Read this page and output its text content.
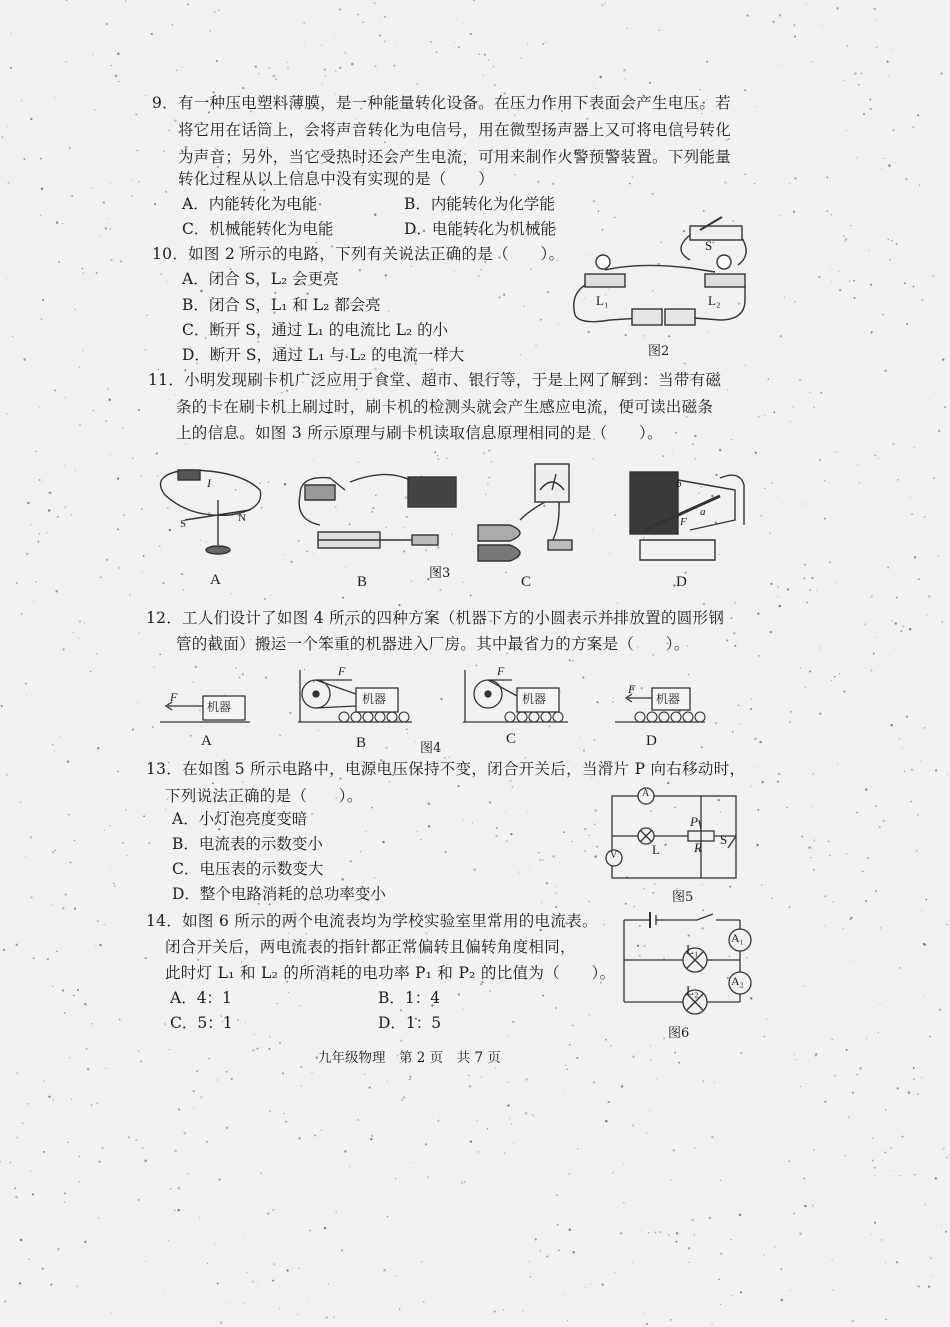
9．有一种压电塑料薄膜，是一种能量转化设备。在压力作用下表面会产生电压。若
将它用在话筒上，会将声音转化为电信号，用在微型扬声器上又可将电信号转化
为声音；另外，当它受热时还会产生电流，可用来制作火警预警装置。下列能量
转化过程从以上信息中没有实现的是（　　）
A．内能转化为电能	B．内能转化为化学能
C．机械能转化为电能	D．电能转化为机械能
10．如图 2 所示的电路，下列有关说法正确的是（　　）。
A．闭合 S，L₂ 会更亮
B．闭合 S，L₁ 和 L₂ 都会亮
C．断开 S，通过 L₁ 的电流比 L₂ 的小
D．断开 S，通过 L₁ 与 L₂ 的电流一样大
S
L₁	L₂
图2
11．小明发现刷卡机广泛应用于食堂、超市、银行等，于是上网了解到：当带有磁
条的卡在刷卡机上刷过时，刷卡机的检测头就会产生感应电流，便可读出磁条
上的信息。如图 3 所示原理与刷卡机读取信息原理相同的是（　　）。
I
S	N
b
F
a
A	B	C	D
图3
12．工人们设计了如图 4 所示的四种方案（机器下方的小圆表示并排放置的圆形钢
管的截面）搬运一个笨重的机器进入厂房。其中最省力的方案是（　　）。
机器
机器	机器	机器
F
F	F
F
A	B	C	D
图4
13．在如图 5 所示电路中，电源电压保持不变，闭合开关后，当滑片 P 向右移动时，
下列说法正确的是（　　）。
A．小灯泡亮度变暗
B．电流表的示数变小
C．电压表的示数变大
D．整个电路消耗的总功率变小
A
V	L
P
R
S
图5
14．如图 6 所示的两个电流表均为学校实验室里常用的电流表。
闭合开关后，两电流表的指针都正常偏转且偏转角度相同，
此时灯 L₁ 和 L₂ 的所消耗的电功率 P₁ 和 P₂ 的比值为（　　）。
A．4：1	B．1：4
C．5：1	D．1：5
A₁
A₂
L₁
L₂
图6
九年级物理　第 2 页　共 7 页
